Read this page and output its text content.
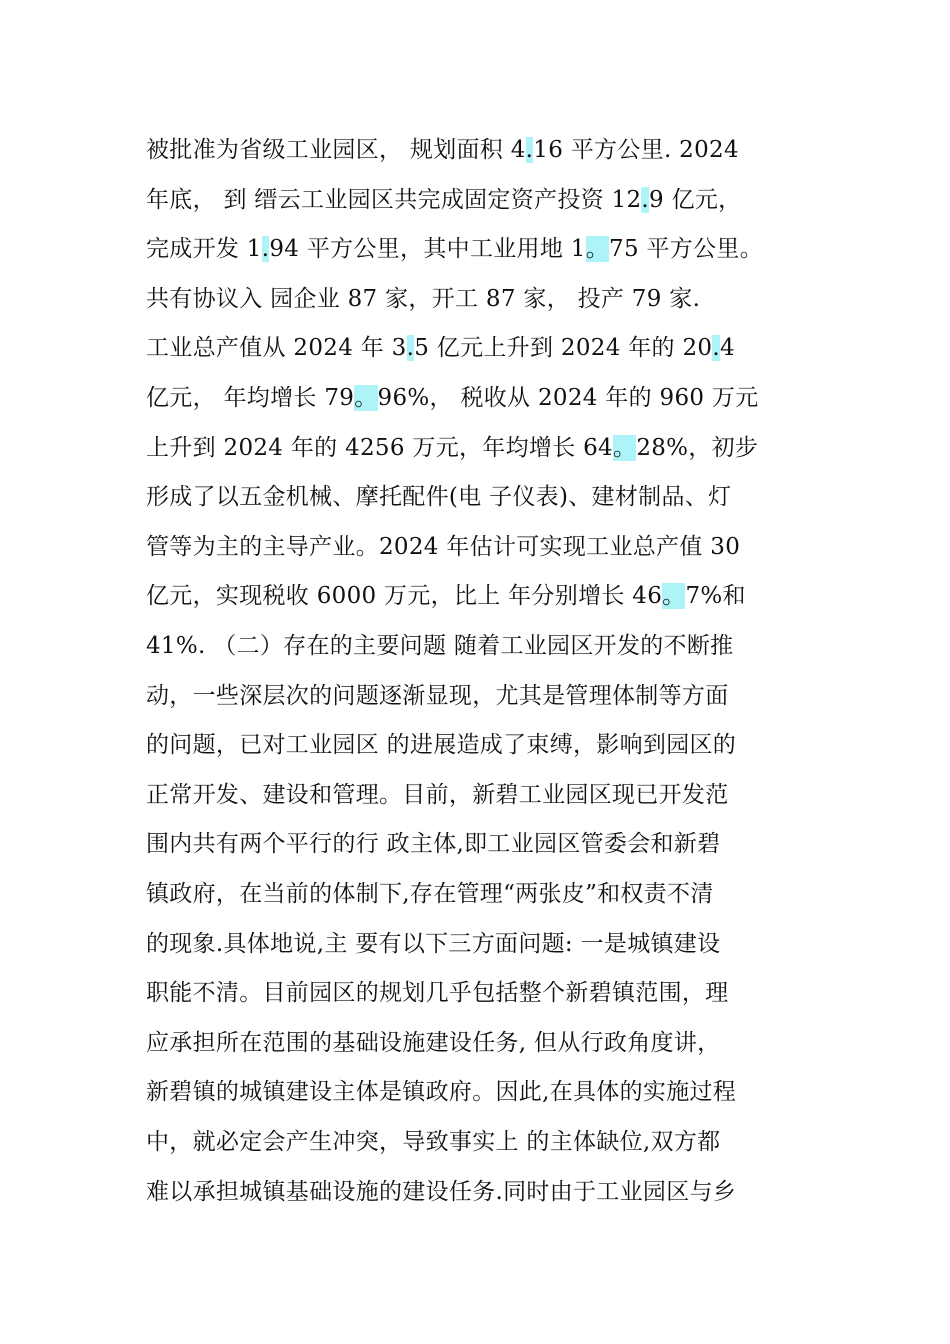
被批准为省级工业园区， 规划面积 4.16 平方公里. 2024
年底， 到 缙云工业园区共完成固定资产投资 12.9 亿元，
完成开发 1.94 平方公里，其中工业用地 1。75 平方公里。
共有协议入 园企业 87 家，开工 87 家， 投产 79 家.
工业总产值从 2024 年 3.5 亿元上升到 2024 年的 20.4
亿元， 年均增长 79。96%， 税收从 2024 年的 960 万元
上升到 2024 年的 4256 万元，年均增长 64。28%，初步
形成了以五金机械、摩托配件(电 子仪表)、建材制品、灯
管等为主的主导产业。2024 年估计可实现工业总产值 30
亿元，实现税收 6000 万元，比上 年分别增长 46。7%和
41%. （二）存在的主要问题 随着工业园区开发的不断推
动，一些深层次的问题逐渐显现，尤其是管理体制等方面
的问题，已对工业园区 的进展造成了束缚，影响到园区的
正常开发、建设和管理。目前，新碧工业园区现已开发范
围内共有两个平行的行 政主体,即工业园区管委会和新碧
镇政府，在当前的体制下,存在管理“两张皮”和权责不清
的现象.具体地说,主 要有以下三方面问题: 一是城镇建设
职能不清。目前园区的规划几乎包括整个新碧镇范围，理
应承担所在范围的基础设施建设任务, 但从行政角度讲，
新碧镇的城镇建设主体是镇政府。因此,在具体的实施过程
中，就必定会产生冲突，导致事实上 的主体缺位,双方都
难以承担城镇基础设施的建设任务.同时由于工业园区与乡
